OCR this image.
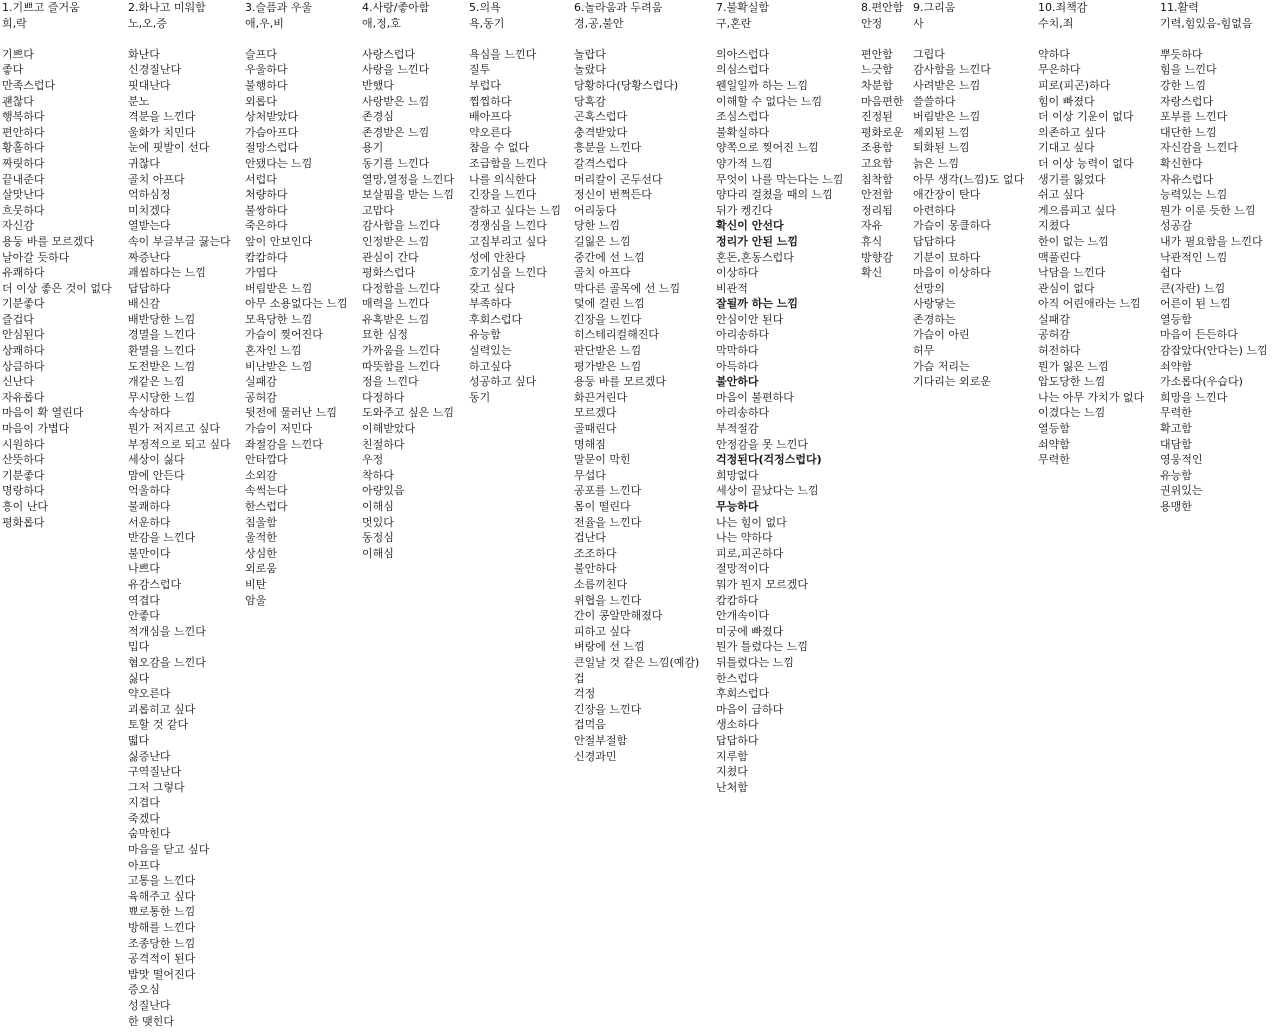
1.기쁘고 즐거움
희,락
기쁘다
좋다
만족스럽다
괜찮다
행복하다
편안하다
황홀하다
짜릿하다
끝내준다
살맛난다
흐뭇하다
자신감
용둥 바를 모르겠다
날아갈 듯하다
유쾌하다
더 이상 좋은 것이 없다
기분좋다
즐겁다
안심된다
상쾌하다
상큼하다
신난다
자유롭다
마음이 확 열린다
마음이 가볍다
시원하다
산뜻하다
기분좋다
명랑하다
흥이 난다
평화롭다
2.화나고 미워함
노,오,증
화난다
신경질난다
핏대난다
분노
격분을 느낀다
울화가 치민다
눈에 핏발이 선다
귀찮다
골치 아프다
억하심정
미치겠다
열받는다
속이 부글부글 끓는다
짜증난다
괘씸하다는 느낌
답답하다
배신감
배반당한 느낌
경멸을 느낀다
환멸을 느낀다
도전받은 느낌
개같은 느낌
무시당한 느낌
속상하다
뭔가 저지르고 싶다
부정적으로 되고 싶다
세상이 싫다
맘에 안든다
억울하다
불쾌하다
서운하다
반감을 느낀다
불만이다
나쁘다
유감스럽다
역겹다
안좋다
적개심을 느낀다
밉다
혐오감을 느낀다
싫다
약오른다
괴롭히고 싶다
토할 것 같다
떫다
싫증난다
구역질난다
그저 그렇다
지겹다
죽겠다
숨막힌다
마음을 닫고 싶다
아프다
고통을 느낀다
육해주고 싶다
뾰로통한 느낌
방해를 느낀다
조종당한 느낌
공격적이 된다
밥맛 떨어진다
증오심
성질난다
한 맺힌다
3.슬픔과 우울
애,우,비
슬프다
우울하다
불행하다
외롭다
상처받았다
가슴아프다
절망스럽다
안됐다는 느낌
서럽다
처량하다
불쌍하다
죽은하다
앞이 안보인다
캄캄하다
가엽다
버림받은 느낌
아무 소용없다는 느낌
모욕당한 느낌
가슴이 찢어진다
혼자인 느낌
비난받은 느낌
실패감
공허감
뒷전에 물러난 느낌
가슴이 저민다
좌절감을 느낀다
안타깝다
소외감
속썩는다
한스럽다
침울함
울적한
상심한
외로움
비탄
암울
4.사랑/좋아함
애,정,호
사랑스럽다
사랑을 느낀다
반했다
사랑받은 느낌
존경심
존경받은 느낌
용기
동기를 느낀다
열망,열정을 느낀다
보살핌을 받는 느낌
고맙다
감사함을 느낀다
인정받은 느낌
관심이 간다
평화스럽다
다정함을 느낀다
매력을 느낀다
유혹받은 느낌
묘한 심정
가까움을 느낀다
따뜻함을 느낀다
정을 느낀다
다정하다
도와주고 싶은 느낌
이해받았다
친절하다
우정
착하다
아량있음
이해심
멋있다
동정심
이해심
5.의욕
욕,동기
욕심을 느낀다
질투
부럽다
찝찝하다
배아프다
약오른다
참을 수 없다
조급함을 느낀다
나를 의식한다
긴장을 느낀다
잘하고 싶다는 느낌
경쟁심을 느낀다
고집부리고 싶다
성에 안찬다
호기심을 느낀다
갖고 싶다
부족하다
후회스럽다
유능함
실력있는
하고싶다
성공하고 싶다
동기
6.놀라움과 두려움
경,공,불안
놀랍다
놀랐다
당황하다(당황스럽다)
당혹감
곤혹스럽다
충격받았다
흥분을 느낀다
갈격스럽다
머리칼이 곤두선다
정신이 번쩍든다
어리둥다
당한 느낌
길잃은 느낌
중간에 선 느낌
골치 아프다
막다른 골목에 선 느낌
덫에 걸린 느낌
긴장을 느낀다
히스테리컬해진다
판단받은 느낌
평가받은 느낌
용둥 바를 모르겠다
화끈거린다
모르겠다
골때린다
명해짐
말문이 막힌
무섭다
공포를 느낀다
몸이 떨린다
전율을 느낀다
겁난다
조조하다
불안하다
소름끼친다
위협을 느낀다
간이 콩알만해졌다
피하고 싶다
벼랑에 선 느낌
큰일날 것 같은 느낌(예감)
겁
걱정
긴장을 느낀다
겁먹음
안절부절함
신경과민
7.불확실함
구,혼란
의아스럽다
의심스럽다
웬일일까 하는 느낌
이해할 수 없다는 느낌
조심스럽다
불확실하다
양쪽으로 찢어진 느낌
양가적 느낌
무엇이 나를 막는다는 느낌
양다리 걸쳤을 때의 느낌
뒤가 켕긴다
확신이 안선다
정리가 안된 느낌
혼돈,혼동스럽다
이상하다
비관적
잘될까 하는 느낌
안심이안 된다
아리송하다
막막하다
아득하다
불안하다
마음이 불편하다
아리송하다
부적절감
안정감을 못 느낀다
걱정된다(걱정스럽다)
희망없다
세상이 끝났다는 느낌
무능하다
나는 힘이 없다
나는 약하다
피로,피곤하다
절망적이다
뭐가 뭔지 모르겠다
캄캄하다
안개속이다
미궁에 빠졌다
뭔가 틀렸다는 느낌
뒤틀렸다는 느낌
한스럽다
후회스럽다
마음이 급하다
생소하다
답답하다
지루함
지쳤다
난처함
8.편안함
안정
편안함
느긋함
차분함
마음편한
진정된
평화로운
조용함
고요함
침착함
안전함
정리됨
자유
휴식
방향감
확신
9.그리움
사
그립다
감사함을 느낀다
사려받은 느낌
쓸쓸하다
버림받은 느낌
제외된 느낌
퇴화된 느낌
늙은 느낌
아무 생각(느낌)도 없다
애간장이 탄다
아련하다
가슴이 몽클하다
답답하다
기분이 묘하다
마음이 이상하다
선망의
사랑닿는
존경하는
가슴이 아린
허무
가슴 저리는
기다리는 외로운
10.죄책감
수치,죄
약하다
무은하다
피로(피곤)하다
힘이 빠졌다
더 이상 기운이 없다
의존하고 싶다
기대고 싶다
더 이상 능력이 없다
생기를 잃었다
쉬고 싶다
게으름피고 싶다
지쳤다
한이 없는 느낌
맥풀린다
낙담을 느낀다
관심이 없다
아직 어린애라는 느낌
실패감
공허감
허전하다
뭔가 잃은 느낌
압도당한 느낌
나는 아무 가치가 없다
이겼다는 느낌
열등함
쇠약함
무력한
11.활력
기력,힘있음-힘없음
뿌듯하다
힘을 느낀다
강한 느낌
자랑스럽다
포부를 느낀다
대단한 느낌
자신감을 느낀다
확신한다
자유스럽다
능력있는 느낌
뭔가 이룬 듯한 느낌
성공감
내가 필요함을 느낀다
낙관적인 느낌
쉽다
큰(자란) 느낌
어른이 된 느낌
열등함
마음이 든든하다
감잡았다(안다는) 느낌
쇠약함
가소롭다(우습다)
희망을 느낀다
무력한
확고함
대담함
영웅적인
유능함
권위있는
용맹한
